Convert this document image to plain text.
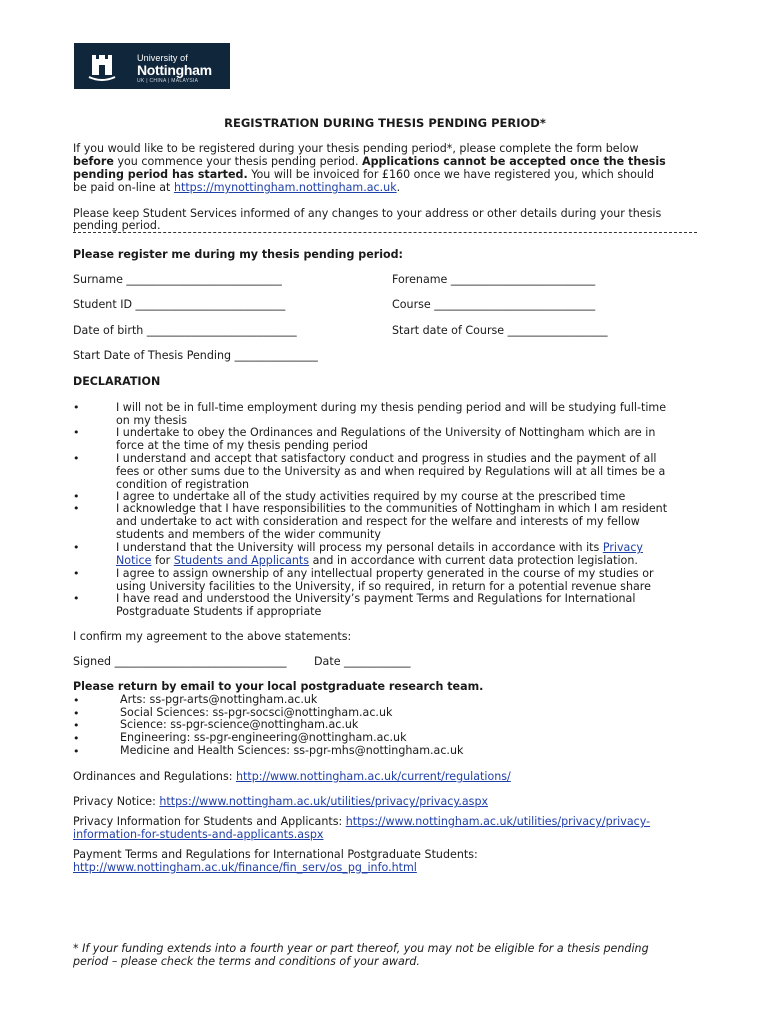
University of
Nottingham
UK | CHINA | MALAYSIA
REGISTRATION DURING THESIS PENDING PERIOD*
If you would like to be registered during your thesis pending period*, please complete the form below
before you commence your thesis pending period. Applications cannot be accepted once the thesis
pending period has started. You will be invoiced for £160 once we have registered you, which should
be paid on-line at https://mynottingham.nottingham.ac.uk.
Please keep Student Services informed of any changes to your address or other details during your thesis
pending period.
Please register me during my thesis pending period:
Surname ____________________________	Forename __________________________
Student ID ___________________________	Course _____________________________
Date of birth ___________________________	Start date of Course __________________
Start Date of Thesis Pending _______________
DECLARATION
•	I will not be in full-time employment during my thesis pending period and will be studying full-time
on my thesis
•	I undertake to obey the Ordinances and Regulations of the University of Nottingham which are in
force at the time of my thesis pending period
•	I understand and accept that satisfactory conduct and progress in studies and the payment of all
fees or other sums due to the University as and when required by Regulations will at all times be a
condition of registration
•	I agree to undertake all of the study activities required by my course at the prescribed time
•	I acknowledge that I have responsibilities to the communities of Nottingham in which I am resident
and undertake to act with consideration and respect for the welfare and interests of my fellow
students and members of the wider community
•	I understand that the University will process my personal details in accordance with its Privacy
Notice for Students and Applicants and in accordance with current data protection legislation.
•	I agree to assign ownership of any intellectual property generated in the course of my studies or
using University facilities to the University, if so required, in return for a potential revenue share
•	I have read and understood the University’s payment Terms and Regulations for International
Postgraduate Students if appropriate
I confirm my agreement to the above statements:
Signed _______________________________ Date ____________
Please return by email to your local postgraduate research team.
•	Arts: ss-pgr-arts@nottingham.ac.uk
•	Social Sciences: ss-pgr-socsci@nottingham.ac.uk
•	Science: ss-pgr-science@nottingham.ac.uk
•	Engineering: ss-pgr-engineering@nottingham.ac.uk
•	Medicine and Health Sciences: ss-pgr-mhs@nottingham.ac.uk
Ordinances and Regulations: http://www.nottingham.ac.uk/current/regulations/
Privacy Notice: https://www.nottingham.ac.uk/utilities/privacy/privacy.aspx
Privacy Information for Students and Applicants: https://www.nottingham.ac.uk/utilities/privacy/privacy-
information-for-students-and-applicants.aspx
Payment Terms and Regulations for International Postgraduate Students:
http://www.nottingham.ac.uk/finance/fin_serv/os_pg_info.html
* If your funding extends into a fourth year or part thereof, you may not be eligible for a thesis pending
period – please check the terms and conditions of your award.
